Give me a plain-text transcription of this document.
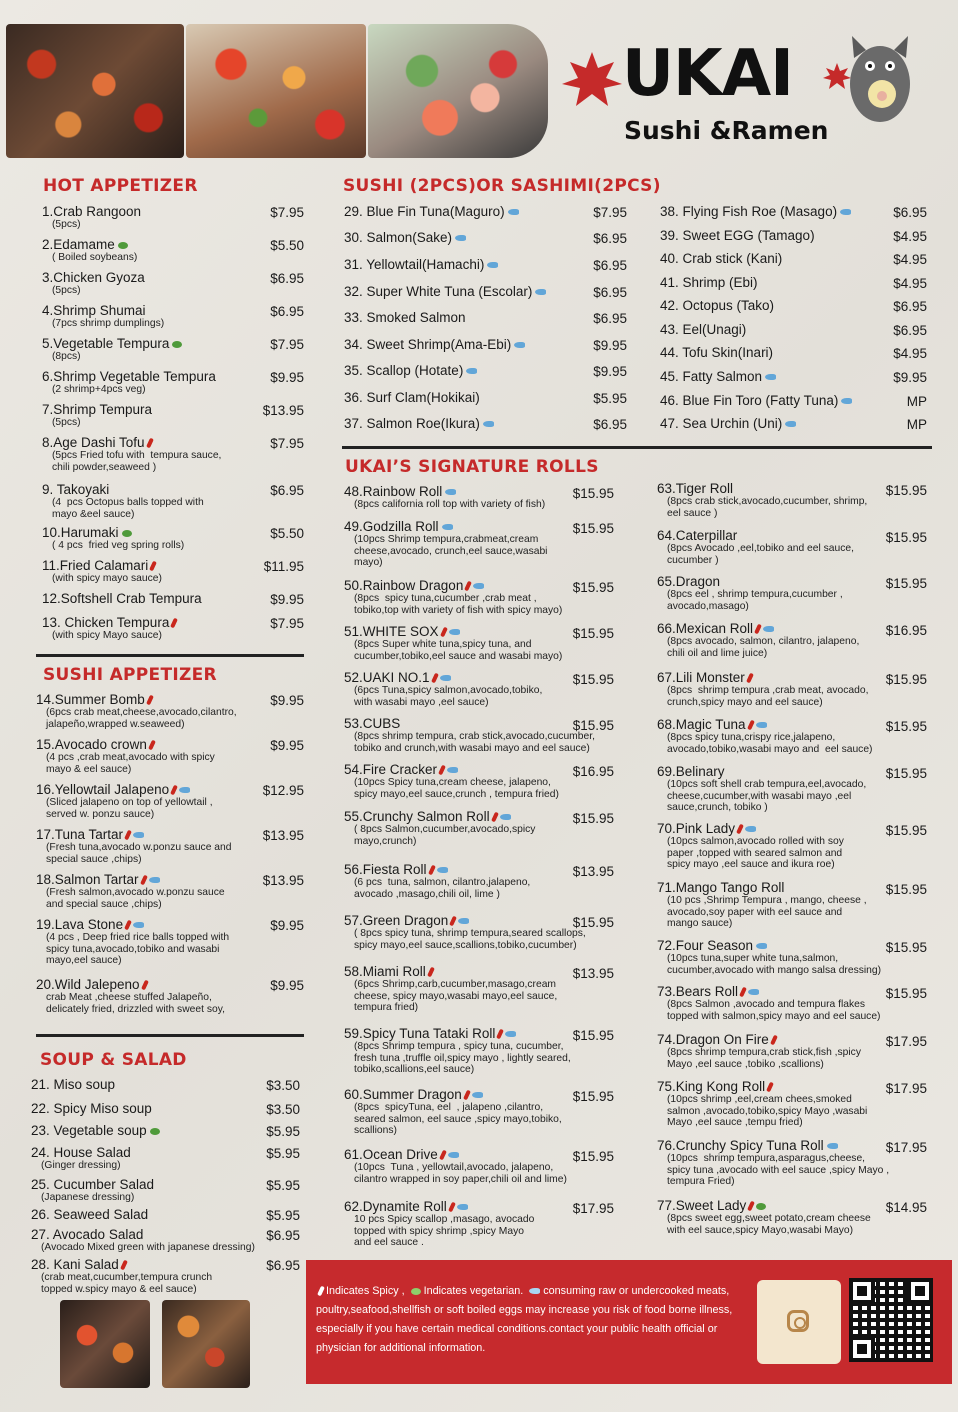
UKAI
Sushi &Ramen
HOT APPETIZER
1.Crab Rangoon
(5pcs)
$7.95
2.Edamame
( Boiled soybeans)
$5.50
3.Chicken Gyoza
(5pcs)
$6.95
4.Shrimp Shumai
(7pcs shrimp dumplings)
$6.95
5.Vegetable Tempura
(8pcs)
$7.95
6.Shrimp Vegetable Tempura
(2 shrimp+4pcs veg)
$9.95
7.Shrimp Tempura
(5pcs)
$13.95
8.Age Dashi Tofu
(5pcs Fried tofu with  tempura sauce,
chili powder,seaweed )
$7.95
9. Takoyaki
(4  pcs Octopus balls topped with
mayo &eel sauce)
$6.95
10.Harumaki
( 4 pcs  fried veg spring rolls)
$5.50
11.Fried Calamari
(with spicy mayo sauce)
$11.95
12.Softshell Crab Tempura	$9.95
13. Chicken Tempura
(with spicy Mayo sauce)
$7.95
SUSHI APPETIZER
14.Summer Bomb
(6pcs crab meat,cheese,avocado,cilantro,
jalapeño,wrapped w.seaweed)
$9.95
15.Avocado crown
(4 pcs ,crab meat,avocado with spicy
mayo & eel sauce)
$9.95
16.Yellowtail Jalapeno
(Sliced jalapeno on top of yellowtail ,
served w. ponzu sauce)
$12.95
17.Tuna Tartar
(Fresh tuna,avocado w.ponzu sauce and
special sauce ,chips)
$13.95
18.Salmon Tartar
(Fresh salmon,avocado w.ponzu sauce
and special sauce ,chips)
$13.95
19.Lava Stone
(4 pcs , Deep fried rice balls topped with
spicy tuna,avocado,tobiko and wasabi
mayo,eel sauce)
$9.95
20.Wild Jalepeno
crab Meat ,cheese stuffed Jalapeño,
delicately fried, drizzled with sweet soy,
$9.95
SOUP & SALAD
21. Miso soup	$3.50
22. Spicy Miso soup	$3.50
23. Vegetable soup	$5.95
24. House Salad
(Ginger dressing)
$5.95
25. Cucumber Salad
(Japanese dressing)
$5.95
26. Seaweed Salad	$5.95
27. Avocado Salad
(Avocado Mixed green with japanese dressing)
$6.95
28. Kani Salad
(crab meat,cucumber,tempura crunch
topped w.spicy mayo & eel sauce)
$6.95
SUSHI (2PCS)OR SASHIMI(2PCS)
29. Blue Fin Tuna(Maguro)	$7.95
30. Salmon(Sake)	$6.95
31. Yellowtail(Hamachi)	$6.95
32. Super White Tuna (Escolar)	$6.95
33. Smoked Salmon	$6.95
34. Sweet Shrimp(Ama-Ebi)	$9.95
35. Scallop (Hotate)	$9.95
36. Surf Clam(Hokikai)	$5.95
37. Salmon Roe(Ikura)	$6.95
38. Flying Fish Roe (Masago)	$6.95
39. Sweet EGG (Tamago)	$4.95
40. Crab stick (Kani)	$4.95
41. Shrimp (Ebi)	$4.95
42. Octopus (Tako)	$6.95
43. Eel(Unagi)	$6.95
44. Tofu Skin(Inari)	$4.95
45. Fatty Salmon	$9.95
46. Blue Fin Toro (Fatty Tuna)	MP
47. Sea Urchin (Uni)	MP
UKAI’S SIGNATURE ROLLS
48.Rainbow Roll
(8pcs california roll top with variety of fish)
$15.95
49.Godzilla Roll
(10pcs Shrimp tempura,crabmeat,cream
cheese,avocado, crunch,eel sauce,wasabi
mayo)
$15.95
50.Rainbow Dragon
(8pcs  spicy tuna,cucumber ,crab meat ,
tobiko,top with variety of fish with spicy mayo)
$15.95
51.WHITE SOX
(8pcs Super white tuna,spicy tuna, and
cucumber,tobiko,eel sauce and wasabi mayo)
$15.95
52.UAKI NO.1
(6pcs Tuna,spicy salmon,avocado,tobiko,
with wasabi mayo ,eel sauce)
$15.95
53.CUBS
(8pcs shrimp tempura, crab stick,avocado,cucumber,
tobiko and crunch,with wasabi mayo and eel sauce)
$15.95
54.Fire Cracker
(10pcs Spicy tuna,cream cheese, jalapeno,
spicy mayo,eel sauce,crunch , tempura fried)
$16.95
55.Crunchy Salmon Roll
( 8pcs Salmon,cucumber,avocado,spicy
mayo,crunch)
$15.95
56.Fiesta Roll
(6 pcs  tuna, salmon, cilantro,jalapeno,
avocado ,masago,chili oil, lime )
$13.95
57.Green Dragon
( 8pcs spicy tuna, shrimp tempura,seared scallops,
spicy mayo,eel sauce,scallions,tobiko,cucumber)
$15.95
58.Miami Roll
(6pcs Shrimp,carb,cucumber,masago,cream
cheese, spicy mayo,wasabi mayo,eel sauce,
tempura fried)
$13.95
59.Spicy Tuna Tataki Roll
(8pcs Shrimp tempura , spicy tuna, cucumber,
fresh tuna ,truffle oil,spicy mayo , lightly seared,
tobiko,scallions,eel sauce)
$15.95
60.Summer Dragon
(8pcs  spicyTuna, eel  , jalapeno ,cilantro,
seared salmon, eel sauce ,spicy mayo,tobiko,
scallions)
$15.95
61.Ocean Drive
(10pcs  Tuna , yellowtail,avocado, jalapeno,
cilantro wrapped in soy paper,chili oil and lime)
$15.95
62.Dynamite Roll
10 pcs Spicy scallop ,masago, avocado
topped with spicy shrimp ,spicy Mayo
and eel sauce .
$17.95
63.Tiger Roll
(8pcs crab stick,avocado,cucumber, shrimp,
eel sauce )
$15.95
64.Caterpillar
(8pcs Avocado ,eel,tobiko and eel sauce,
cucumber )
$15.95
65.Dragon
(8pcs eel , shrimp tempura,cucumber ,
avocado,masago)
$15.95
66.Mexican Roll
(8pcs avocado, salmon, cilantro, jalapeno,
chili oil and lime juice)
$16.95
67.Lili Monster
(8pcs  shrimp tempura ,crab meat, avocado,
crunch,spicy mayo and eel sauce)
$15.95
68.Magic Tuna
(8pcs spicy tuna,crispy rice,jalapeno,
avocado,tobiko,wasabi mayo and  eel sauce)
$15.95
69.Belinary
(10pcs soft shell crab tempura,eel,avocado,
cheese,cucumber,with wasabi mayo ,eel
sauce,crunch, tobiko )
$15.95
70.Pink Lady
(10pcs salmon,avocado rolled with soy
paper ,topped with seared salmon and
spicy mayo ,eel sauce and ikura roe)
$15.95
71.Mango Tango Roll
(10 pcs ,Shrimp Tempura , mango, cheese ,
avocado,soy paper with eel sauce and
mango sauce)
$15.95
72.Four Season
(10pcs tuna,super white tuna,salmon,
cucumber,avocado with mango salsa dressing)
$15.95
73.Bears Roll
(8pcs Salmon ,avocado and tempura flakes
topped with salmon,spicy mayo and eel sauce)
$15.95
74.Dragon On Fire
(8pcs shrimp tempura,crab stick,fish ,spicy
Mayo ,eel sauce ,tobiko ,scallions)
$17.95
75.King Kong Roll
(10pcs shrimp ,eel,cream chees,smoked
salmon ,avocado,tobiko,spicy Mayo ,wasabi
Mayo ,eel sauce ,tempu fried)
$17.95
76.Crunchy Spicy Tuna Roll
(10pcs  shrimp tempura,asparagus,cheese,
spicy tuna ,avocado with eel sauce ,spicy Mayo ,
tempura Fried)
$17.95
77.Sweet Lady
(8pcs sweet egg,sweet potato,cream cheese
with eel sauce,spicy Mayo,wasabi Mayo)
$14.95
Indicates Spicy , Indicates vegetarian. consuming raw or undercooked meats, poultry,seafood,shellfish or soft boiled eggs may increase you risk of food borne illness, especially if you have certain medical conditions.contact your public health official or physician for additional information.
